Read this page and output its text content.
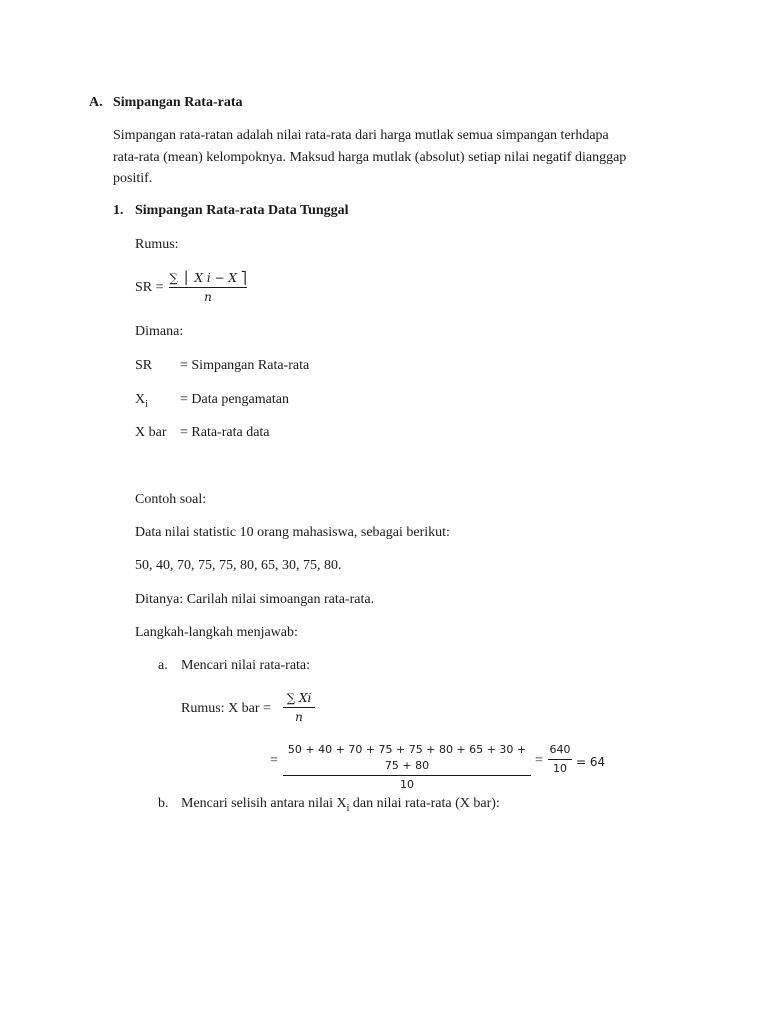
A. Simpangan Rata-rata
Simpangan rata-ratan adalah nilai rata-rata dari harga mutlak semua simpangan terhdapa
rata-rata (mean) kelompoknya. Maksud harga mutlak (absolut) setiap nilai negatif dianggap
positif.
1. Simpangan Rata-rata Data Tunggal
Rumus:
SR =
∑ ⎪ X i − X ⎤
n
Dimana:
SR = Simpangan Rata-rata
$X_i$ = Data pengamatan
X bar = Rata-rata data
Contoh soal:
Data nilai statistic 10 orang mahasiswa, sebagai berikut:
50, 40, 70, 75, 75, 80, 65, 30, 75, 80.
Ditanya: Carilah nilai simoangan rata-rata.
Langkah-langkah menjawab:
a. Mencari nilai rata-rata:
Rumus: X bar =
∑ Xi
n
=
50 + 40 + 70 + 75 + 75 + 80 + 65 + 30 + 75 + 80
10
=
640
10 = 64
b. Mencari selisih antara nilai $X_i$ dan nilai rata-rata (X bar):
